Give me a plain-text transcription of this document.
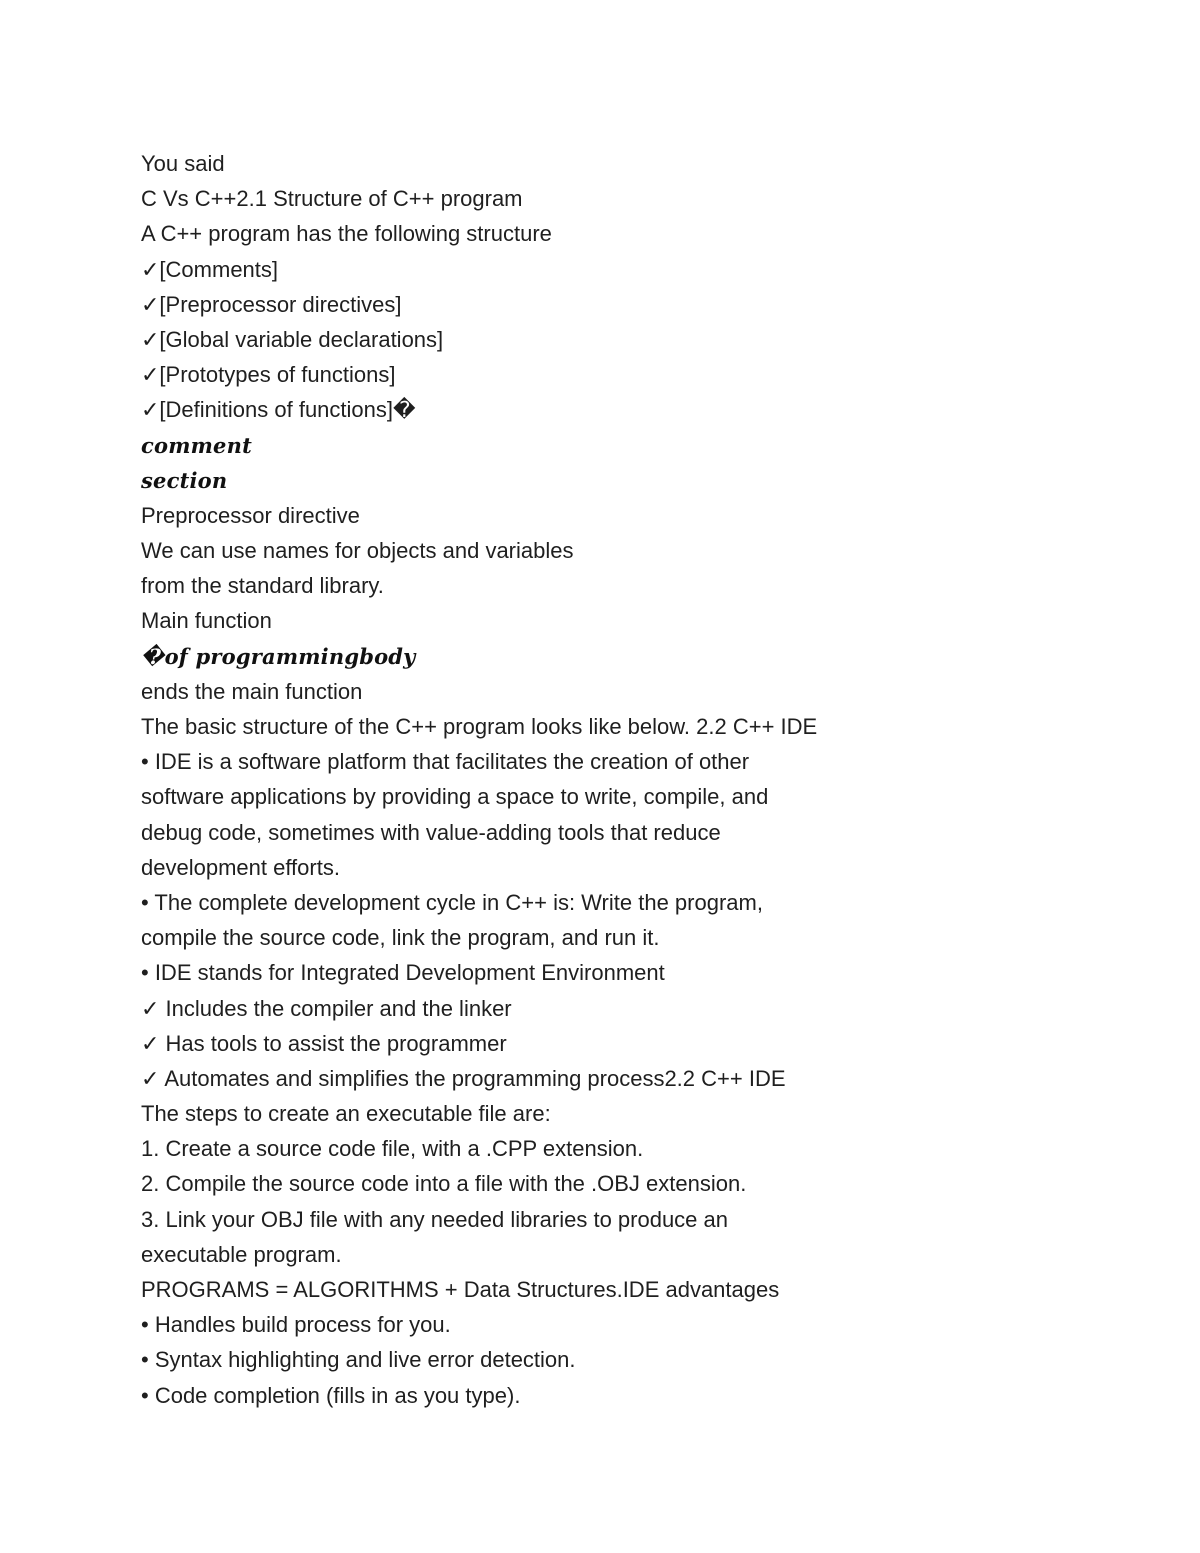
You said
C Vs C++2.1 Structure of C++ program
A C++ program has the following structure
✓[Comments]
✓[Preprocessor directives]
✓[Global variable declarations]
✓[Prototypes of functions]
✓[Definitions of functions]�
comment
section
Preprocessor directive
We can use names for objects and variables
from the standard library.
Main function
�of programmingbody
ends the main function
The basic structure of the C++ program looks like below. 2.2 C++ IDE
• IDE is a software platform that facilitates the creation of other
software applications by providing a space to write, compile, and
debug code, sometimes with value-adding tools that reduce
development efforts.
• The complete development cycle in C++ is: Write the program,
compile the source code, link the program, and run it.
• IDE stands for Integrated Development Environment
✓ Includes the compiler and the linker
✓ Has tools to assist the programmer
✓ Automates and simplifies the programming process2.2 C++ IDE
The steps to create an executable file are:
1. Create a source code file, with a .CPP extension.
2. Compile the source code into a file with the .OBJ extension.
3. Link your OBJ file with any needed libraries to produce an
executable program.
PROGRAMS = ALGORITHMS + Data Structures.IDE advantages
• Handles build process for you.
• Syntax highlighting and live error detection.
• Code completion (fills in as you type).
